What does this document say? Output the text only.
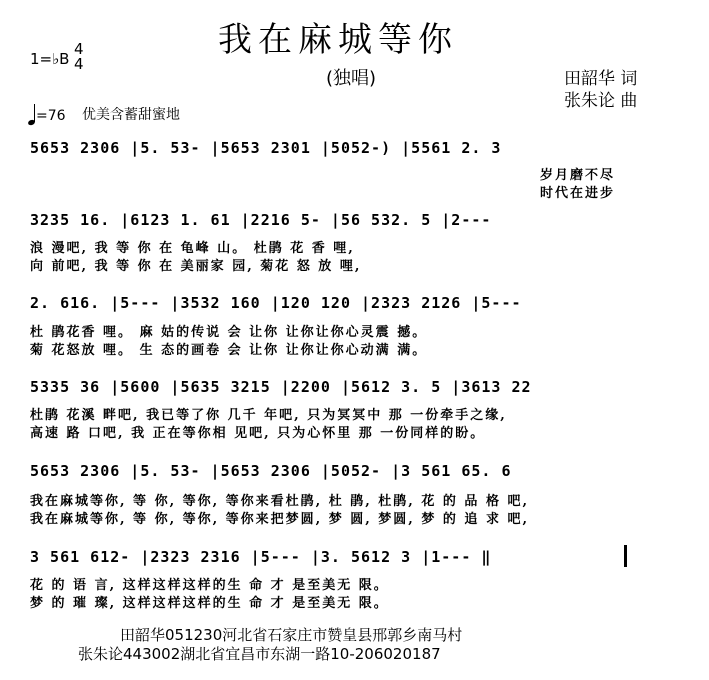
我在麻城等你
(独唱)
1=♭B
4
4
=76 优美含蓄甜蜜地
田韶华 词
张朱论 曲
5653 2306 |5. 53- |5653 2301 |5052-) |5561 2. 3
岁月磨不尽
时代在进步
3235 16. |6123 1. 61 |2216 5- |56 532. 5 |2---
浪 漫吧, 我 等 你 在 龟峰 山。 杜鹃 花 香 哩,
向 前吧, 我 等 你 在 美丽家 园, 菊花 怒 放 哩,
2. 616. |5--- |3532 160 |120 120 |2323 2126 |5---
杜 鹃花香 哩。 麻 姑的传说 会 让你 让你让你心灵震 撼。
菊 花怒放 哩。 生 态的画卷 会 让你 让你让你心动满 满。
5335 36 |5600 |5635 3215 |2200 |5612 3. 5 |3613 22
杜鹃 花溪 畔吧, 我已等了你 几千 年吧, 只为冥冥中 那 一份牵手之缘,
高速 路 口吧, 我 正在等你相 见吧, 只为心怀里 那 一份同样的盼。
5653 2306 |5. 53- |5653 2306 |5052- |3 561 65. 6
我在麻城等你, 等 你, 等你, 等你来看杜鹃, 杜 鹃, 杜鹃, 花 的 品 格 吧,
我在麻城等你, 等 你, 等你, 等你来把梦圆, 梦 圆, 梦圆, 梦 的 追 求 吧,
3 561 612- |2323 2316 |5--- |3. 5612 3 |1--- ‖
花 的 语 言, 这样这样这样的生 命 才 是至美无 限。
梦 的 璀 璨, 这样这样这样的生 命 才 是至美无 限。
田韶华051230河北省石家庄市赞皇县邢郭乡南马村
张朱论443002湖北省宜昌市东湖一路10-206020187
